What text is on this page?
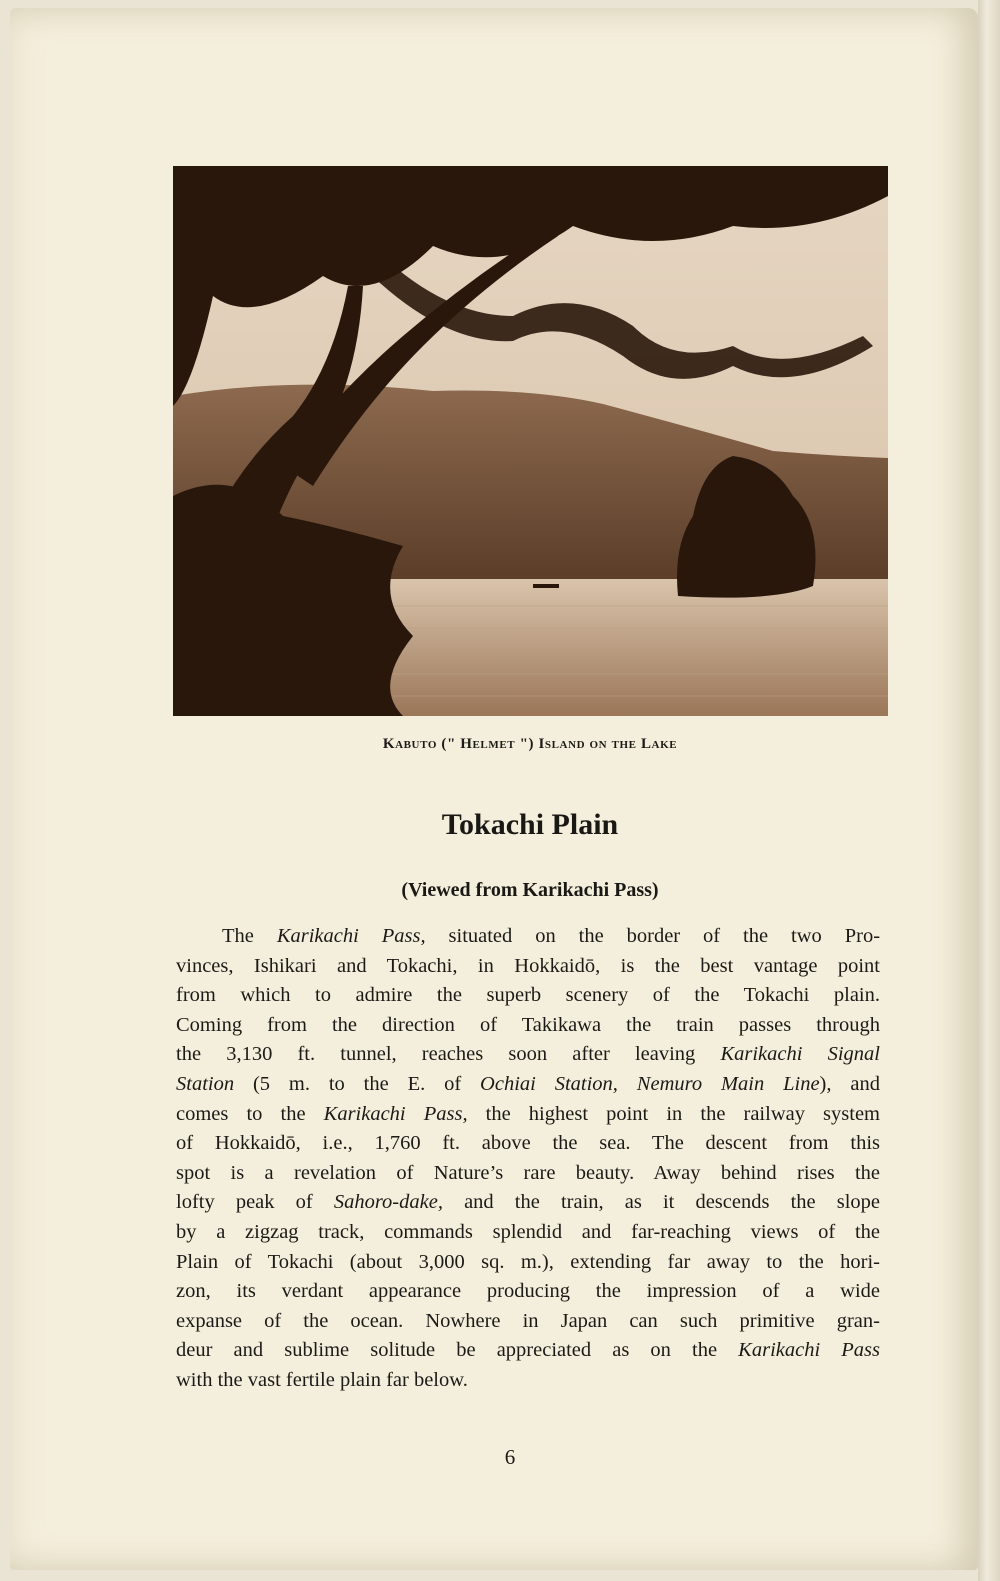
Kabuto (" Helmet ") Island on the Lake
Tokachi Plain
(Viewed from Karikachi Pass)
The Karikachi Pass, situated on the border of the two Pro-
vinces, Ishikari and Tokachi, in Hokkaidō, is the best vantage point
from which to admire the superb scenery of the Tokachi plain.
Coming from the direction of Takikawa the train passes through
the 3,130 ft. tunnel, reaches soon after leaving Karikachi Signal
Station (5 m. to the E. of Ochiai Station, Nemuro Main Line), and
comes to the Karikachi Pass, the highest point in the railway system
of Hokkaidō, i.e., 1,760 ft. above the sea. The descent from this
spot is a revelation of Nature’s rare beauty. Away behind rises the
lofty peak of Sahoro-dake, and the train, as it descends the slope
by a zigzag track, commands splendid and far-reaching views of the
Plain of Tokachi (about 3,000 sq. m.), extending far away to the hori-
zon, its verdant appearance producing the impression of a wide
expanse of the ocean. Nowhere in Japan can such primitive gran-
deur and sublime solitude be appreciated as on the Karikachi Pass
with the vast fertile plain far below.
6
